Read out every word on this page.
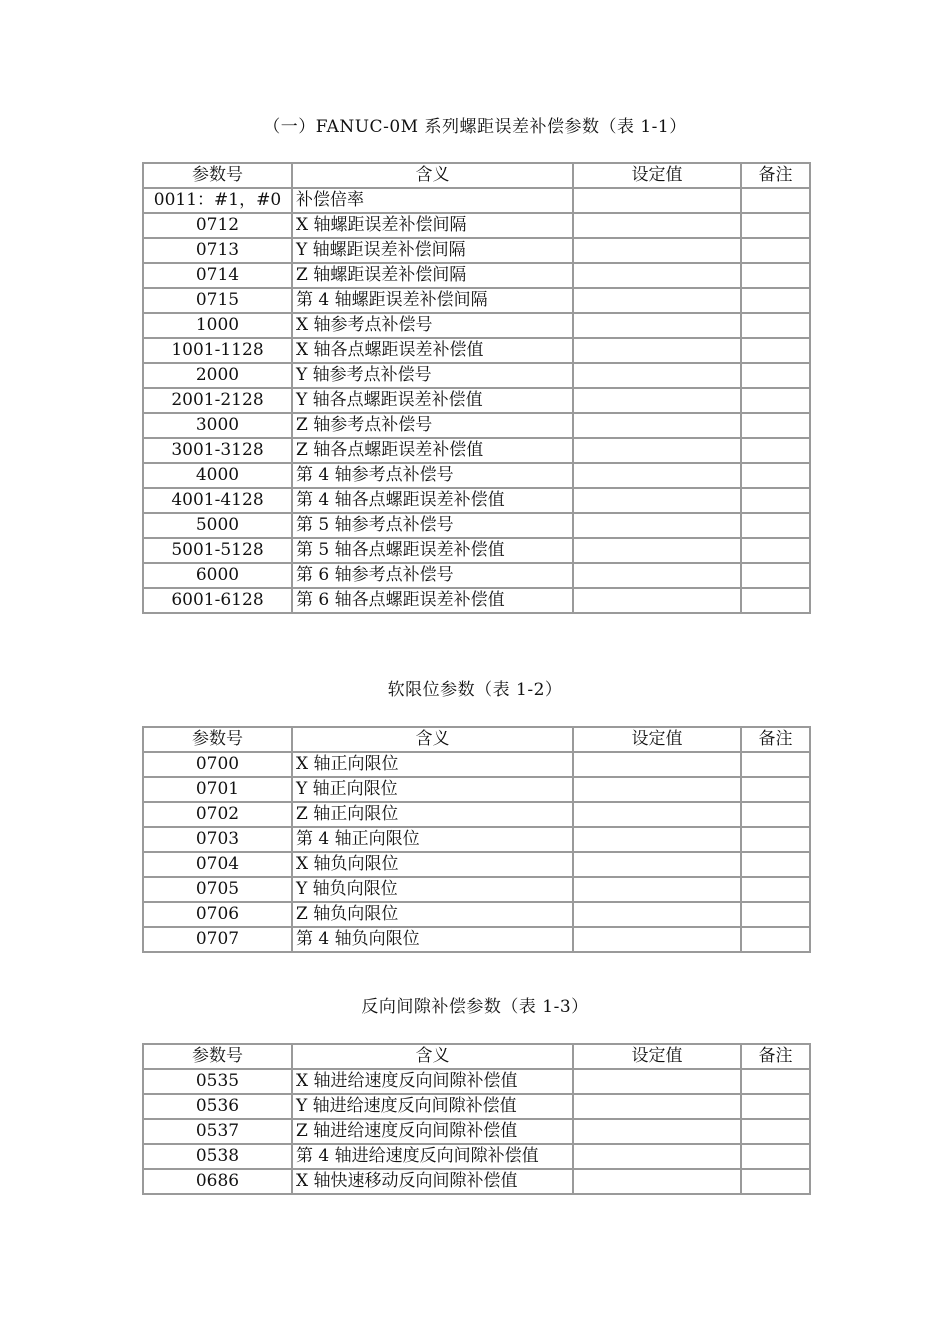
（一）FANUC-0M 系列螺距误差补偿参数（表 1-1）
参数号	含义	设定值	备注
0011：#1，#0	补偿倍率		
0712	X 轴螺距误差补偿间隔		
0713	Y 轴螺距误差补偿间隔		
0714	Z 轴螺距误差补偿间隔		
0715	第 4 轴螺距误差补偿间隔		
1000	X 轴参考点补偿号		
1001-1128	X 轴各点螺距误差补偿值		
2000	Y 轴参考点补偿号		
2001-2128	Y 轴各点螺距误差补偿值		
3000	Z 轴参考点补偿号		
3001-3128	Z 轴各点螺距误差补偿值		
4000	第 4 轴参考点补偿号		
4001-4128	第 4 轴各点螺距误差补偿值		
5000	第 5 轴参考点补偿号		
5001-5128	第 5 轴各点螺距误差补偿值		
6000	第 6 轴参考点补偿号		
6001-6128	第 6 轴各点螺距误差补偿值		
软限位参数（表 1-2）
参数号	含义	设定值	备注
0700	X 轴正向限位		
0701	Y 轴正向限位		
0702	Z 轴正向限位		
0703	第 4 轴正向限位		
0704	X 轴负向限位		
0705	Y 轴负向限位		
0706	Z 轴负向限位		
0707	第 4 轴负向限位		
反向间隙补偿参数（表 1-3）
参数号	含义	设定值	备注
0535	X 轴进给速度反向间隙补偿值		
0536	Y 轴进给速度反向间隙补偿值		
0537	Z 轴进给速度反向间隙补偿值		
0538	第 4 轴进给速度反向间隙补偿值		
0686	X 轴快速移动反向间隙补偿值		
